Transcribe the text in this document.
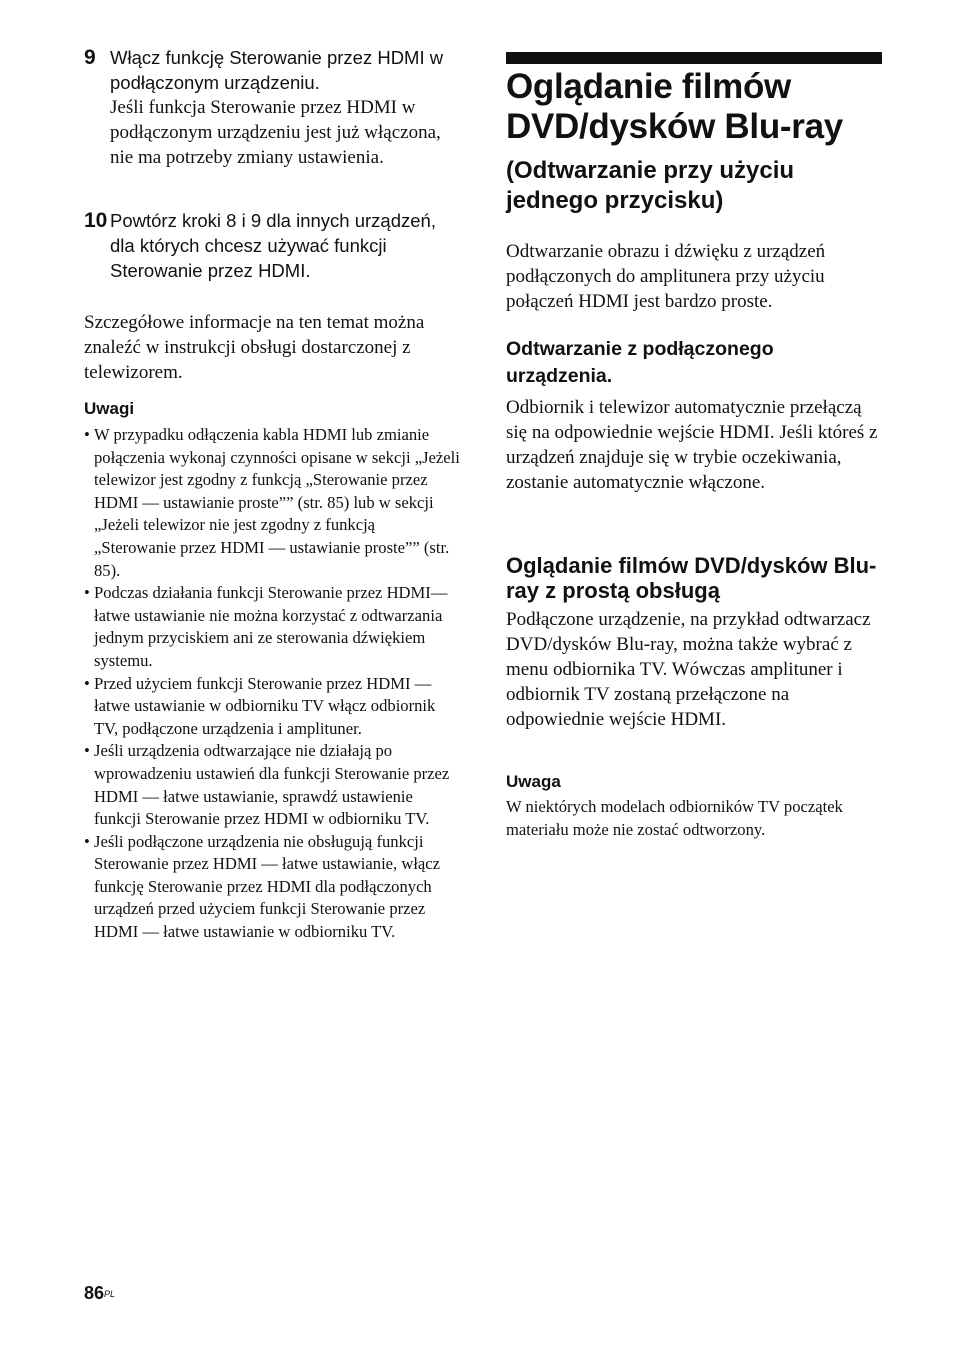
9 Włącz funkcję Sterowanie przez HDMI w podłączonym urządzeniu.
Jeśli funkcja Sterowanie przez HDMI w podłączonym urządzeniu jest już włączona, nie ma potrzeby zmiany ustawienia.
10 Powtórz kroki 8 i 9 dla innych urządzeń, dla których chcesz używać funkcji Sterowanie przez HDMI.
Szczegółowe informacje na ten temat można znaleźć w instrukcji obsługi dostarczonej z telewizorem.
Uwagi
• W przypadku odłączenia kabla HDMI lub zmianie połączenia wykonaj czynności opisane w sekcji „Jeżeli telewizor jest zgodny z funkcją „Sterowanie przez HDMI — ustawianie proste”” (str. 85) lub w sekcji „Jeżeli telewizor nie jest zgodny z funkcją „Sterowanie przez HDMI — ustawianie proste”” (str. 85).
• Podczas działania funkcji Sterowanie przez HDMI— łatwe ustawianie nie można korzystać z odtwarzania jednym przyciskiem ani ze sterowania dźwiękiem systemu.
• Przed użyciem funkcji Sterowanie przez HDMI — łatwe ustawianie w odbiorniku TV włącz odbiornik TV, podłączone urządzenia i amplituner.
• Jeśli urządzenia odtwarzające nie działają po wprowadzeniu ustawień dla funkcji Sterowanie przez HDMI — łatwe ustawianie, sprawdź ustawienie funkcji Sterowanie przez HDMI w odbiorniku TV.
• Jeśli podłączone urządzenia nie obsługują funkcji Sterowanie przez HDMI — łatwe ustawianie, włącz funkcję Sterowanie przez HDMI dla podłączonych urządzeń przed użyciem funkcji Sterowanie przez HDMI — łatwe ustawianie w odbiorniku TV.
Oglądanie filmów DVD/dysków Blu-ray
(Odtwarzanie przy użyciu jednego przycisku)
Odtwarzanie obrazu i dźwięku z urządzeń podłączonych do amplitunera przy użyciu połączeń HDMI jest bardzo proste.
Odtwarzanie z podłączonego urządzenia.
Odbiornik i telewizor automatycznie przełączą się na odpowiednie wejście HDMI. Jeśli któreś z urządzeń znajduje się w trybie oczekiwania, zostanie automatycznie włączone.
Oglądanie filmów DVD/dysków Blu-ray z prostą obsługą
Podłączone urządzenie, na przykład odtwarzacz DVD/dysków Blu-ray, można także wybrać z menu odbiornika TV. Wówczas amplituner i odbiornik TV zostaną przełączone na odpowiednie wejście HDMI.
Uwaga
W niektórych modelach odbiorników TV początek materiału może nie zostać odtworzony.
$86^{PL}$
